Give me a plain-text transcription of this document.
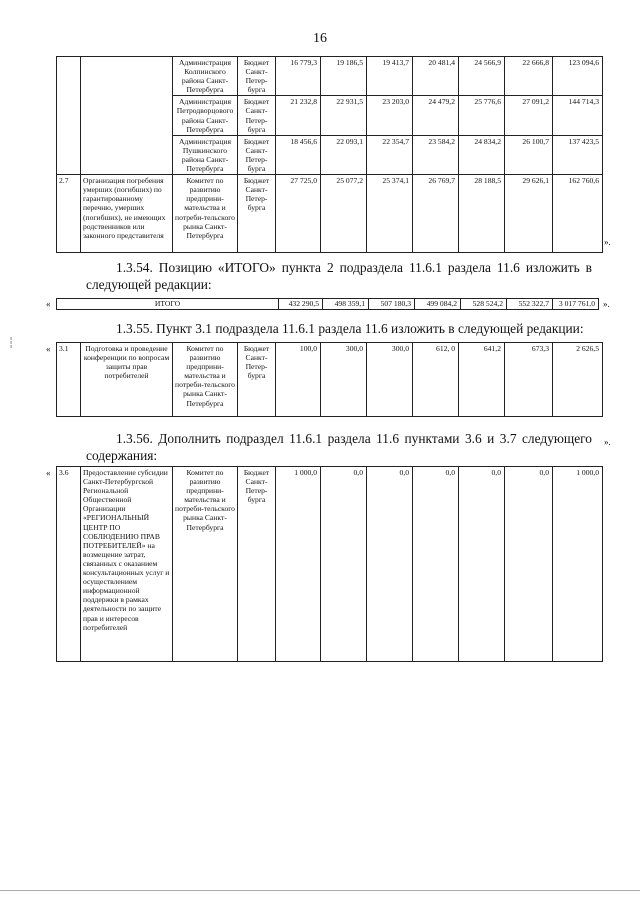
16
		Администрация Колпинского района Санкт-Петербурга	Бюджет Санкт-Петер-бурга	16 779,3	19 186,5	19 413,7	20 481,4	24 566,9	22 666,8	123 094,6
		Администрация Петродворцового района Санкт-Петербурга	Бюджет Санкт-Петер-бурга	21 232,8	22 931,5	23 203,0	24 479,2	25 776,6	27 091,2	144 714,3
		Администрация Пушкинского района Санкт-Петербурга	Бюджет Санкт-Петер-бурга	18 456,6	22 093,1	22 354,7	23 584,2	24 834,2	26 100,7	137 423,5
2.7	Организация погребения умерших (погибших) по гарантированному перечню, умерших (погибших), не имеющих родственников или законного представителя	Комитет по развитию предприни-мательства и потреби-тельского рынка Санкт-Петербурга	Бюджет Санкт-Петер-бурга	27 725,0	25 077,2	25 374,1	26 769,7	28 188,5	29 626,1	162 760,6
».
1.3.54. Позицию «ИТОГО» пункта 2 подраздела 11.6.1 раздела 11.6 изложить в следующей редакции:
«	ИТОГО	432 290,5	498 359,1	507 180,3	499 084,2	528 524,2	552 322,7	3 017 761,0 ».
1.3.55. Пункт 3.1 подраздела 11.6.1 раздела 11.6 изложить в следующей редакции:
« 3.1	Подготовка и проведение конференции по вопросам защиты прав потребителей	Комитет по развитию предприни-мательства и потреби-тельского рынка Санкт-Петербурга	Бюджет Санкт-Петер-бурга	100,0	300,0	300,0	612, 0	641,2	673,3	2 626,5
».
1.3.56. Дополнить подраздел 11.6.1 раздела 11.6 пунктами 3.6 и 3.7 следующего содержания:
« 3.6	Предоставление субсидии Санкт-Петербургской Региональной Общественной Организации «РЕГИОНАЛЬНЫЙ ЦЕНТР ПО СОБЛЮДЕНИЮ ПРАВ ПОТРЕБИТЕЛЕЙ» на возмещение затрат, связанных с оказанием консультационных услуг и осуществлением информационной поддержки в рамках деятельности по защите прав и интересов потребителей	Комитет по развитию предприни-мательства и потреби-тельского рынка Санкт-Петербурга	Бюджет Санкт-Петер-бурга	1 000,0	0,0	0,0	0,0	0,0	0,0	1 000,0
┆
